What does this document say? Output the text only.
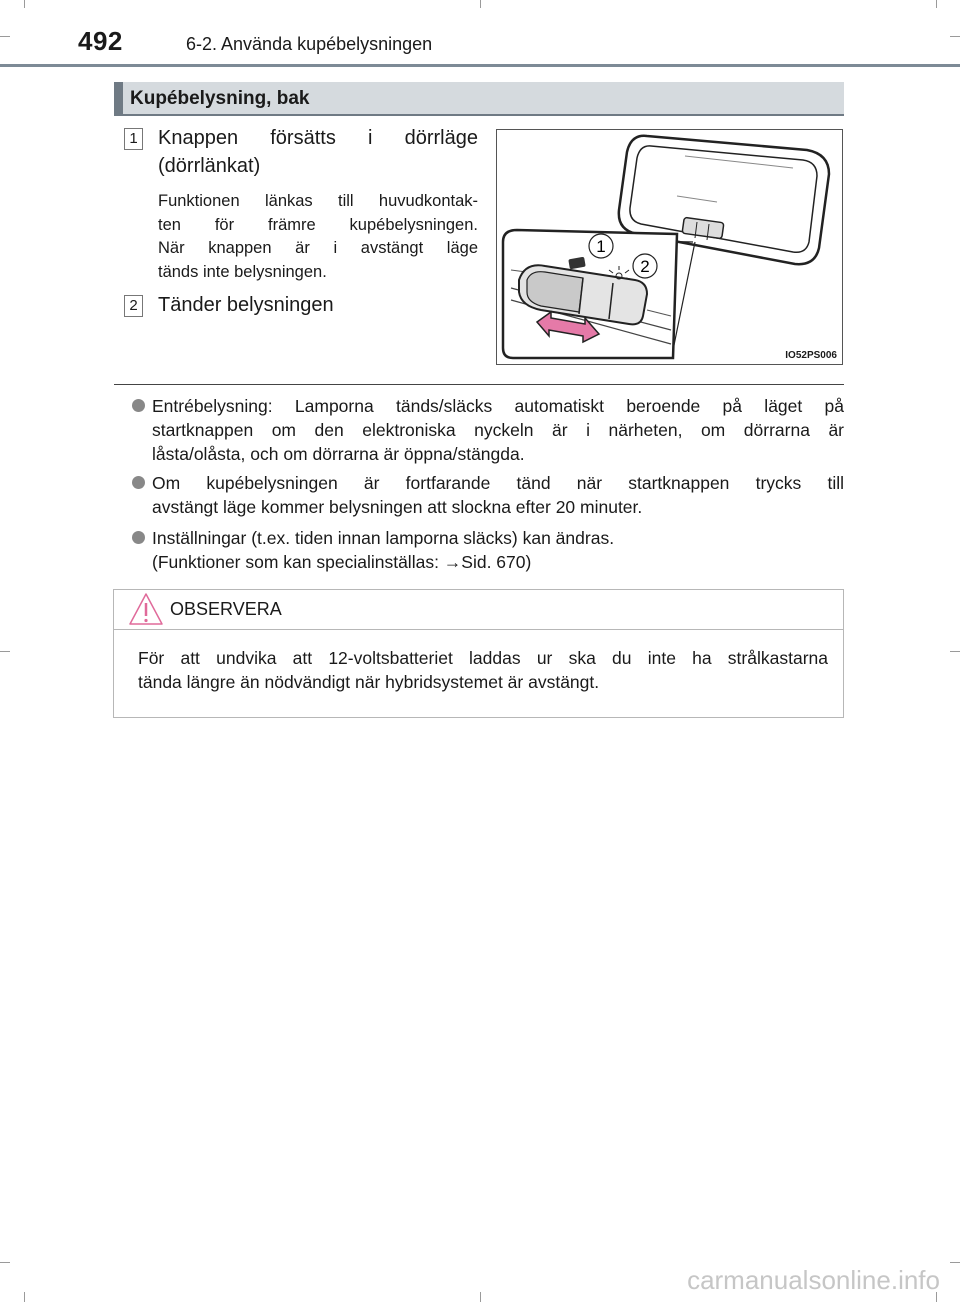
492	6-2. Använda kupébelysningen
Kupébelysning, bak
1 Knappen försätts i dörrläge
(dörrlänkat)
Funktionen länkas till huvudkontak-
ten för främre kupébelysningen.
När knappen är i avstängt läge
tänds inte belysningen.
2 Tänder belysningen
1
2
IO52PS006
Entrébelysning: Lamporna tänds/släcks automatiskt beroende på läget på
startknappen om den elektroniska nyckeln är i närheten, om dörrarna är
låsta/olåsta, och om dörrarna är öppna/stängda.
Om kupébelysningen är fortfarande tänd när startknappen trycks till
avstängt läge kommer belysningen att slockna efter 20 minuter.
Inställningar (t.ex. tiden innan lamporna släcks) kan ändras.
(Funktioner som kan specialinställas: →Sid. 670)
OBSERVERA
För att undvika att 12-voltsbatteriet laddas ur ska du inte ha strålkastarna
tända längre än nödvändigt när hybridsystemet är avstängt.
carmanualsonline.info
